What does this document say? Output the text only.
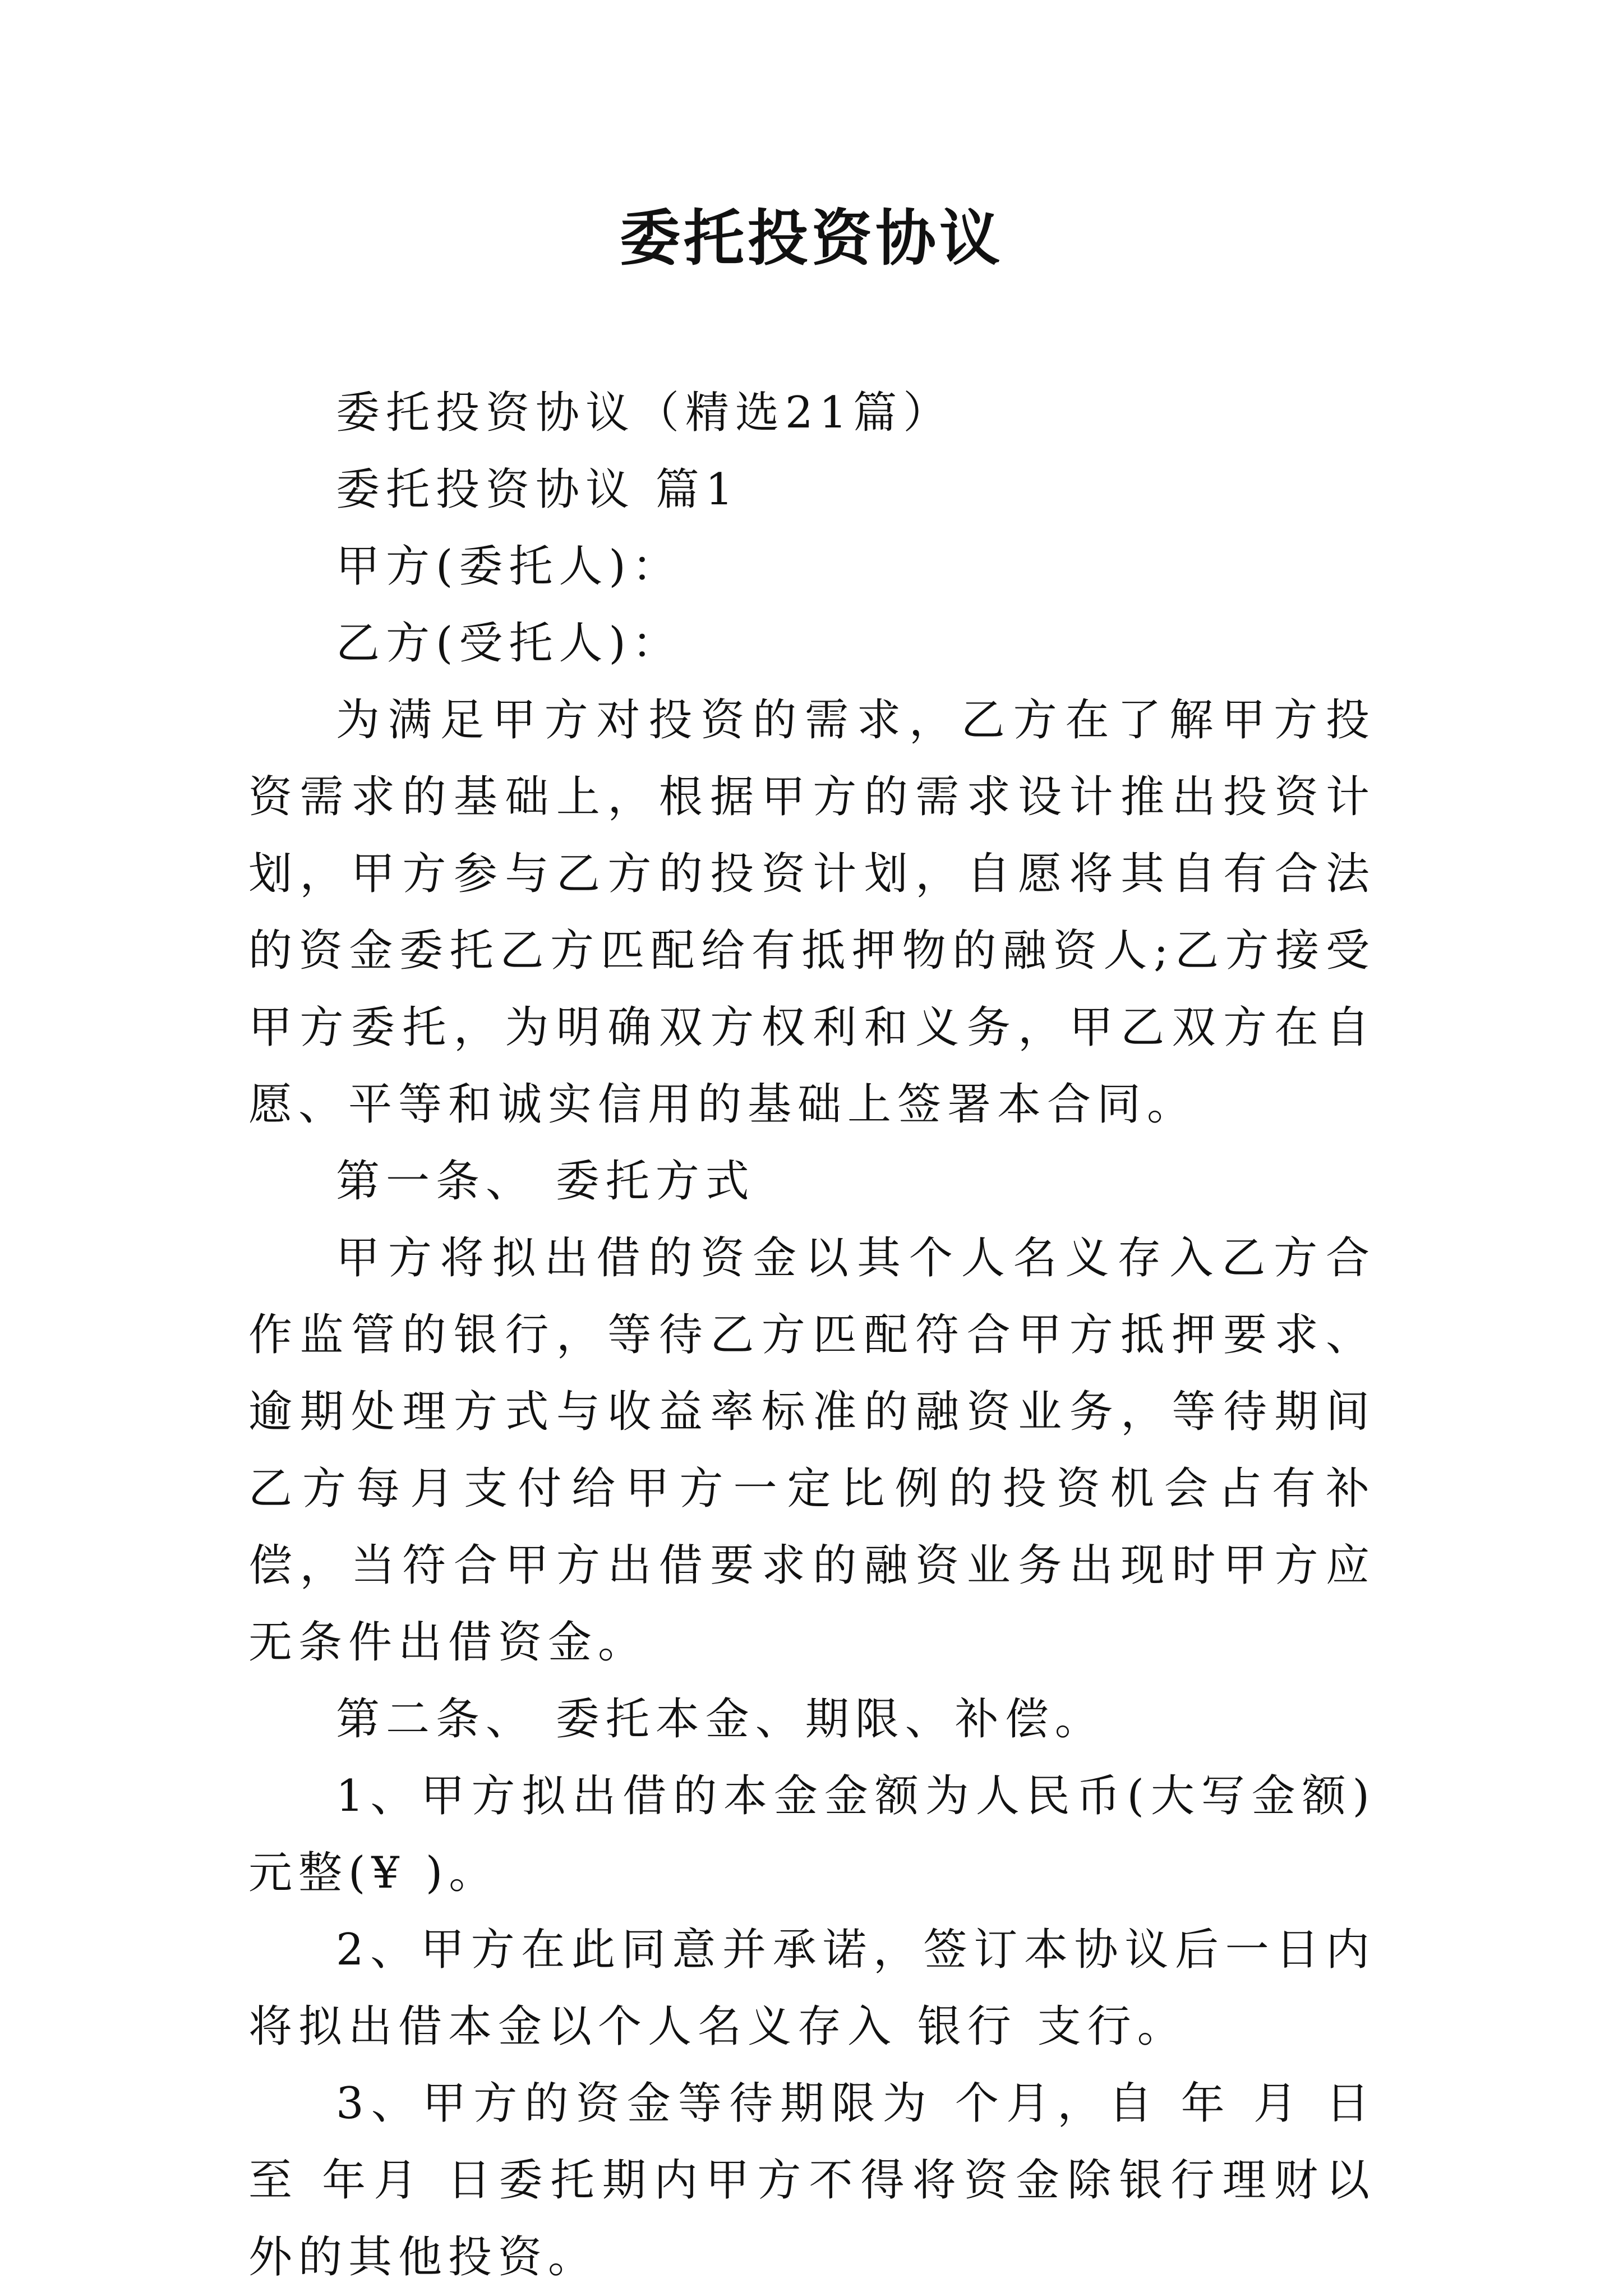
委托投资协议

委托投资协议（精选21篇）

委托投资协议 篇1

甲方(委托人)：

乙方(受托人)：

为满足甲方对投资的需求，乙方在了解甲方投资需求的基础上，根据甲方的需求设计推出投资计划，甲方参与乙方的投资计划，自愿将其自有合法的资金委托乙方匹配给有抵押物的融资人;乙方接受甲方委托，为明确双方权利和义务，甲乙双方在自愿、平等和诚实信用的基础上签署本合同。

第一条、 委托方式

甲方将拟出借的资金以其个人名义存入乙方合作监管的银行，等待乙方匹配符合甲方抵押要求、逾期处理方式与收益率标准的融资业务，等待期间乙方每月支付给甲方一定比例的投资机会占有补偿，当符合甲方出借要求的融资业务出现时甲方应无条件出借资金。

第二条、 委托本金、期限、补偿。

1、甲方拟出借的本金金额为人民币(大写金额) 元整(¥ )。

2、甲方在此同意并承诺，签订本协议后一日内将拟出借本金以个人名义存入 银行 支行。

3、甲方的资金等待期限为 个月，自 年 月 日至 年月 日委托期内甲方不得将资金除银行理财以外的其他投资。
